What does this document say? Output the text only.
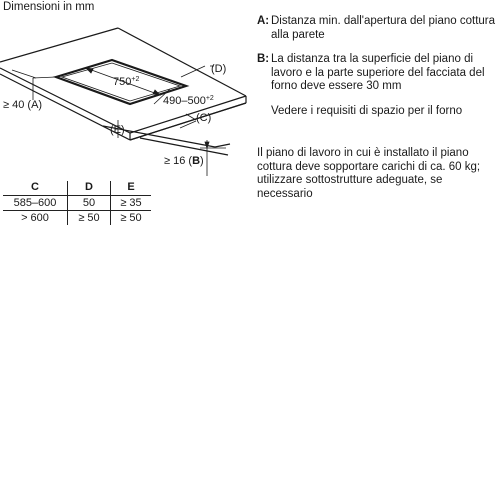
Dimensioni in mm
$750^{+2}$
$490-500^{+2}$
≥ 40 (A)
(D)
(C)
(E)
≥ 16 (B)
C	D	E
585–600	50	≥ 35
> 600	≥ 50	≥ 50
A: Distanza min. dall'apertura del piano cottura alla parete
B: La distanza tra la superficie del piano di lavoro e la parte superiore del facciata del forno deve essere 30 mm
Vedere i requisiti di spazio per il forno
Il piano di lavoro in cui è installato il piano cottura deve sopportare carichi di ca. 60 kg; utilizzare sottostrutture adeguate, se necessario
